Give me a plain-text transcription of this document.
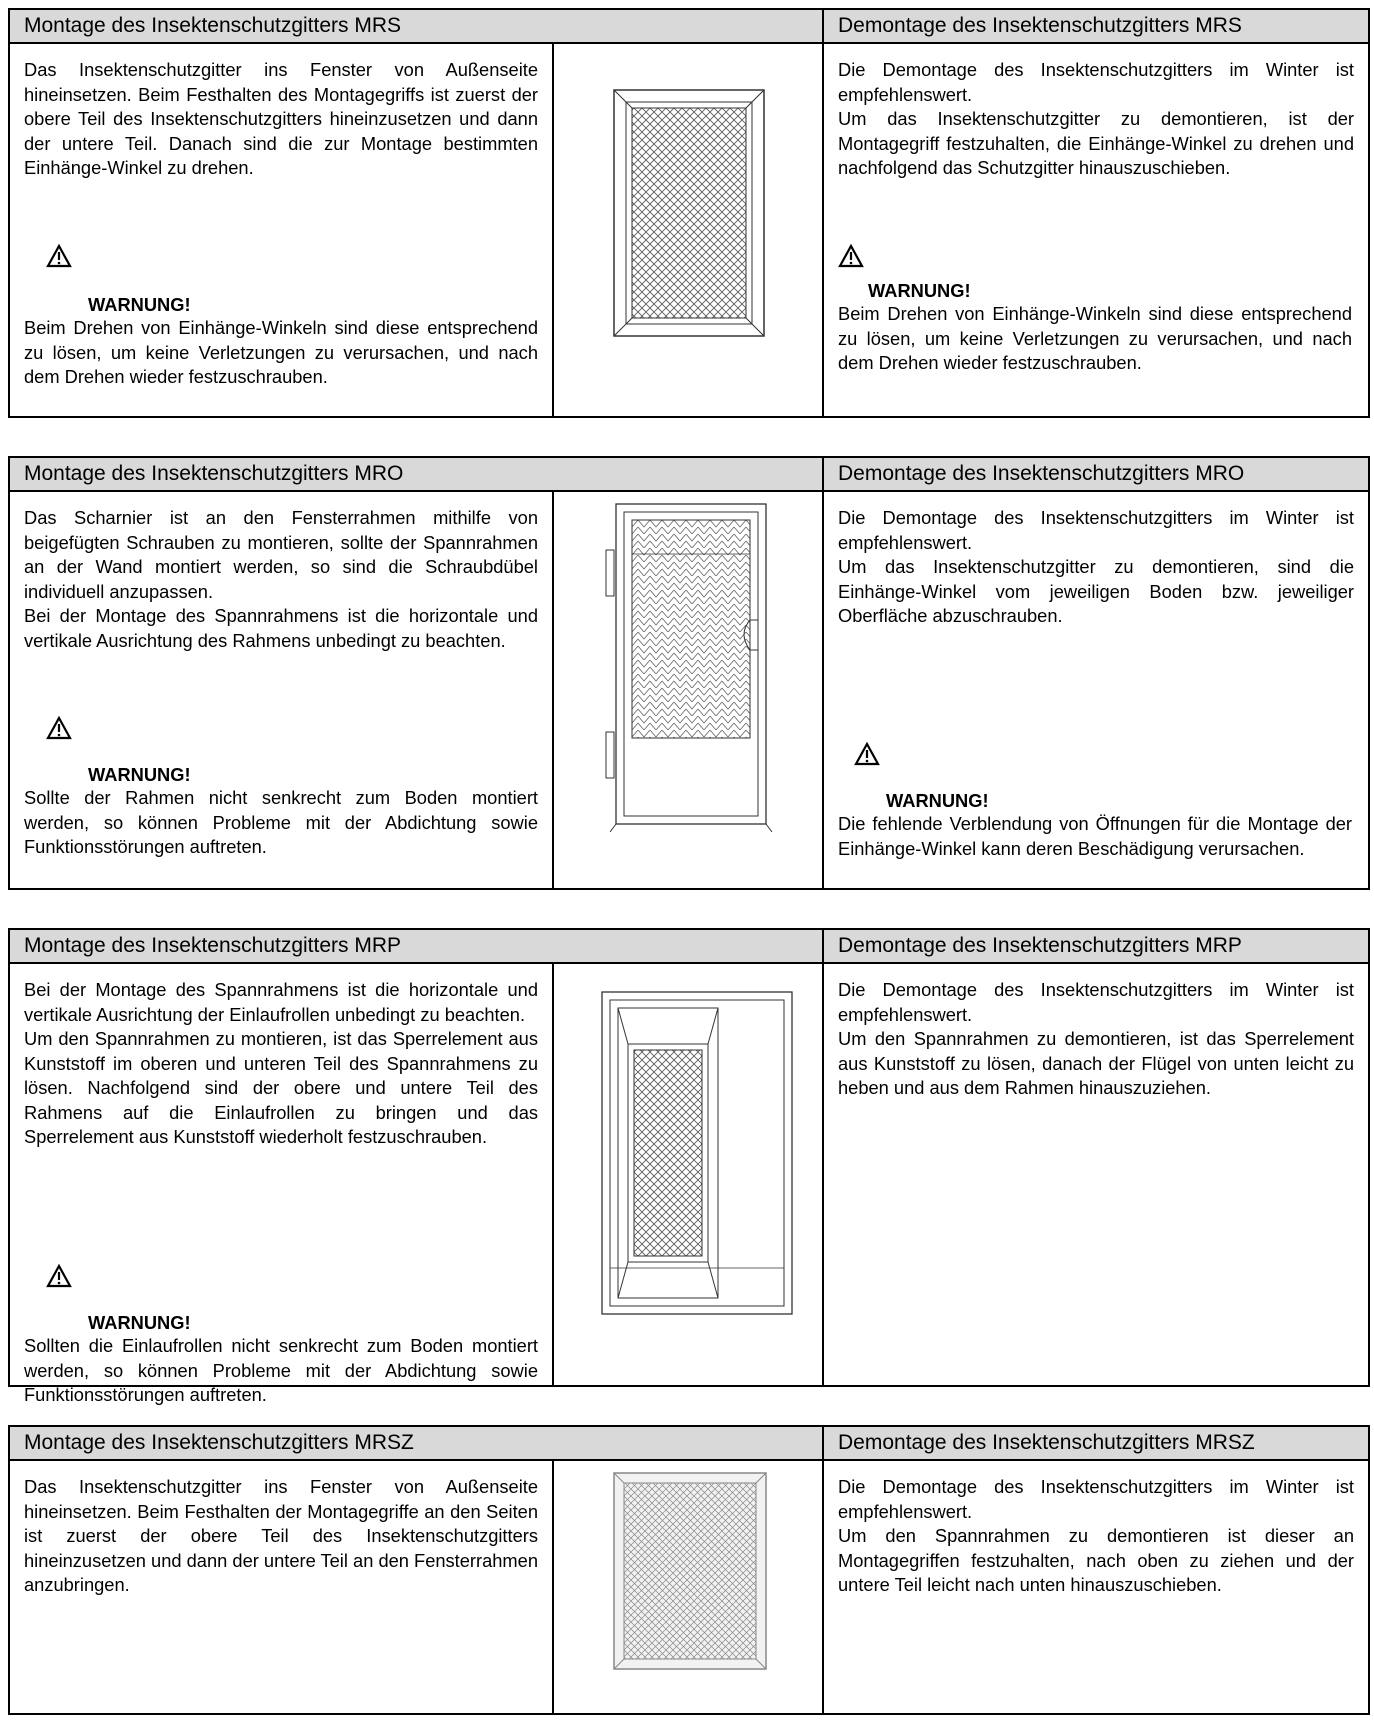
Montage des Insektenschutzgitters MRS	Demontage des Insektenschutzgitters MRS

Das Insektenschutzgitter ins Fenster von Außenseite hineinsetzen. Beim Festhalten des Montagegriffs ist zuerst der obere Teil des Insektenschutzgitters hineinzusetzen und dann der untere Teil. Danach sind die zur Montage bestimmten Einhänge-Winkel zu drehen.

WARNUNG!
Beim Drehen von Einhänge-Winkeln sind diese entsprechend zu lösen, um keine Verletzungen zu verursachen, und nach dem Drehen wieder festzuschrauben.

Die Demontage des Insektenschutzgitters im Winter ist empfehlenswert.
Um das Insektenschutzgitter zu demontieren, ist der Montagegriff festzuhalten, die Einhänge-Winkel zu drehen und nachfolgend das Schutzgitter hinauszuschieben.

WARNUNG!
Beim Drehen von Einhänge-Winkeln sind diese entsprechend zu lösen, um keine Verletzungen zu verursachen, und nach dem Drehen wieder festzuschrauben.
Montage des Insektenschutzgitters MRO	Demontage des Insektenschutzgitters MRO

Das Scharnier ist an den Fensterrahmen mithilfe von beigefügten Schrauben zu montieren, sollte der Spannrahmen an der Wand montiert werden, so sind die Schraubdübel individuell anzupassen.
Bei der Montage des Spannrahmens ist die horizontale und vertikale Ausrichtung des Rahmens unbedingt zu beachten.

WARNUNG!
Sollte der Rahmen nicht senkrecht zum Boden montiert werden, so können Probleme mit der Abdichtung sowie Funktionsstörungen auftreten.

Die Demontage des Insektenschutzgitters im Winter ist empfehlenswert.
Um das Insektenschutzgitter zu demontieren, sind die Einhänge-Winkel vom jeweiligen Boden bzw. jeweiliger Oberfläche abzuschrauben.

WARNUNG!
Die fehlende Verblendung von Öffnungen für die Montage der Einhänge-Winkel kann deren Beschädigung verursachen.
Montage des Insektenschutzgitters MRP	Demontage des Insektenschutzgitters MRP

Bei der Montage des Spannrahmens ist die horizontale und vertikale Ausrichtung der Einlaufrollen unbedingt zu beachten.
Um den Spannrahmen zu montieren, ist das Sperrelement aus Kunststoff im oberen und unteren Teil des Spannrahmens zu lösen. Nachfolgend sind der obere und untere Teil des Rahmens auf die Einlaufrollen zu bringen und das Sperrelement aus Kunststoff wiederholt festzuschrauben.

WARNUNG!
Sollten die Einlaufrollen nicht senkrecht zum Boden montiert werden, so können Probleme mit der Abdichtung sowie Funktionsstörungen auftreten.

Die Demontage des Insektenschutzgitters im Winter ist empfehlenswert.
Um den Spannrahmen zu demontieren, ist das Sperrelement aus Kunststoff zu lösen, danach der Flügel von unten leicht zu heben und aus dem Rahmen hinauszuziehen.

Montage des Insektenschutzgitters MRSZ	Demontage des Insektenschutzgitters MRSZ

Das Insektenschutzgitter ins Fenster von Außenseite hineinsetzen. Beim Festhalten der Montagegriffe an den Seiten ist zuerst der obere Teil des Insektenschutzgitters hineinzusetzen und dann der untere Teil an den Fensterrahmen anzubringen.

Die Demontage des Insektenschutzgitters im Winter ist empfehlenswert.
Um den Spannrahmen zu demontieren ist dieser an Montagegriffen festzuhalten, nach oben zu ziehen und der untere Teil leicht nach unten hinauszuschieben.
